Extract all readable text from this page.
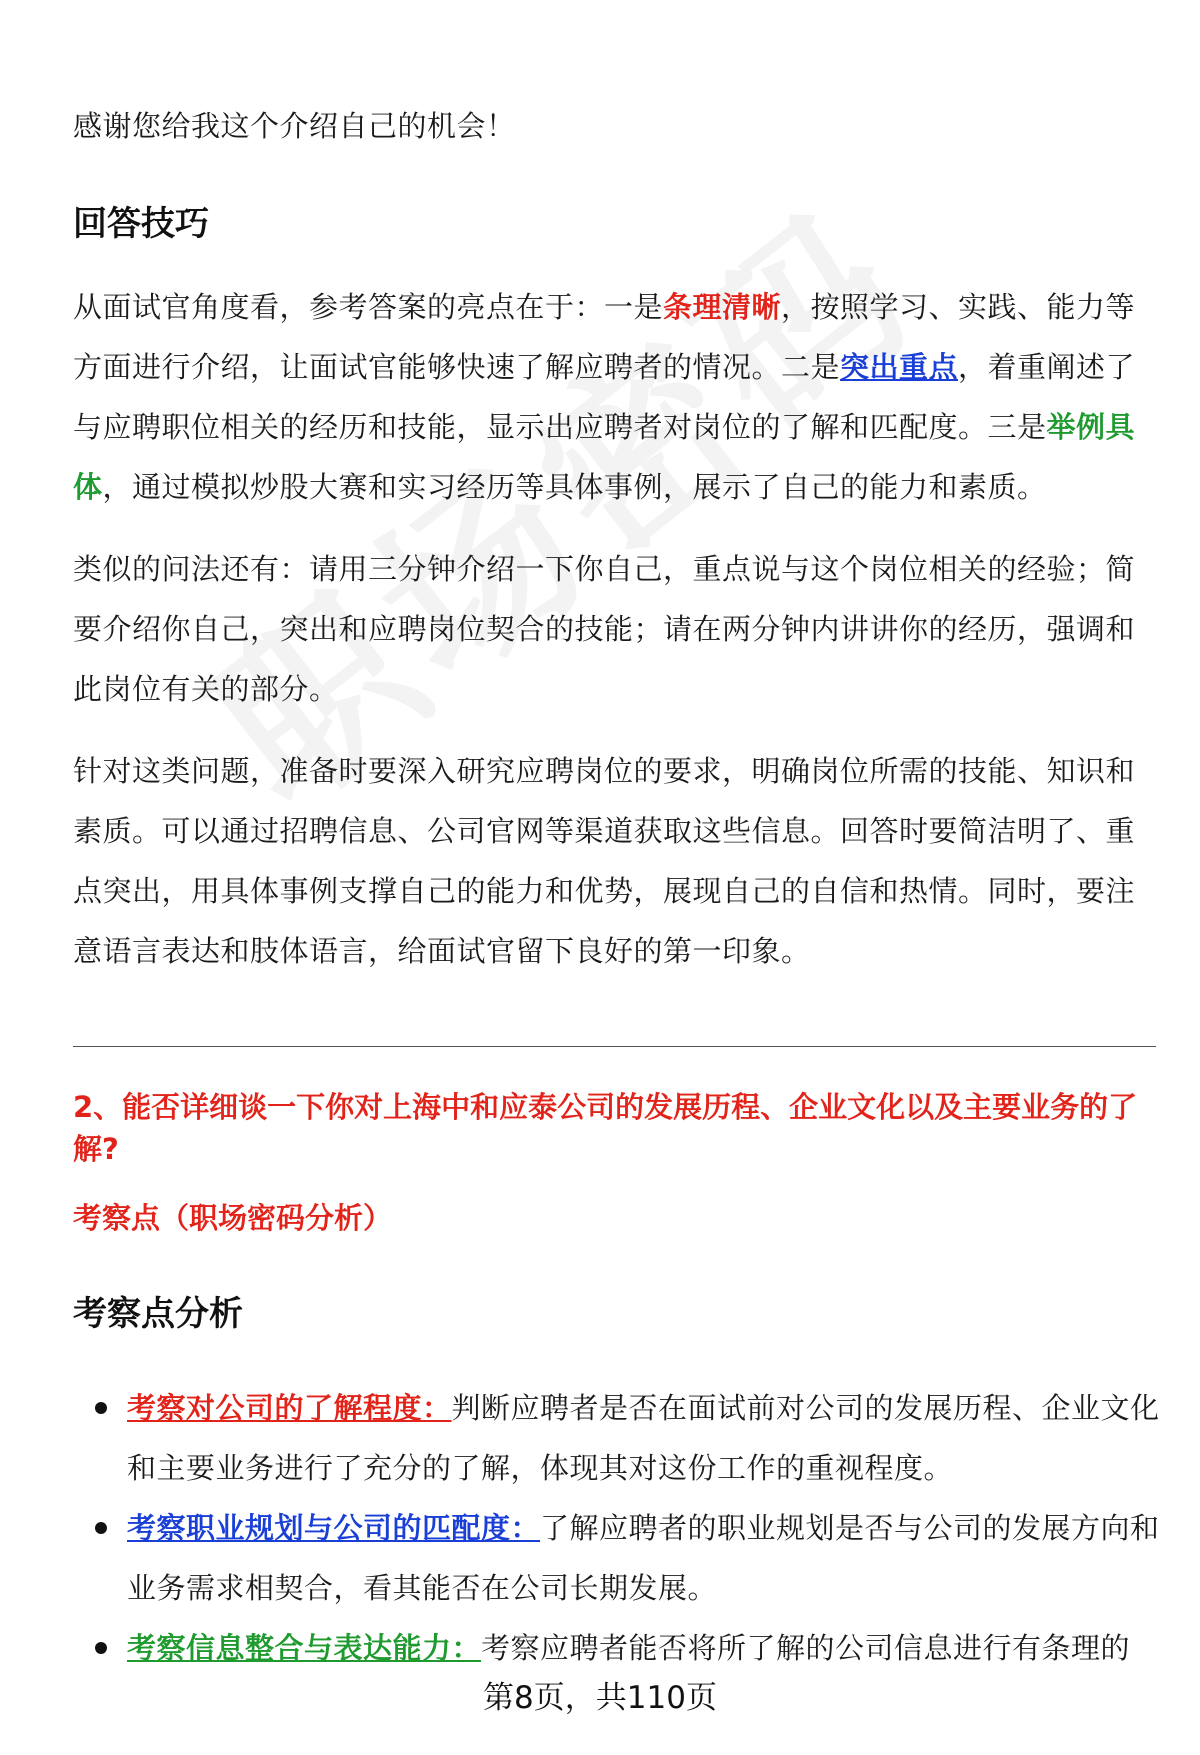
感谢您给我这个介绍自己的机会！

回答技巧

从面试官角度看，参考答案的亮点在于：一是条理清晰，按照学习、实践、能力等方面进行介绍，让面试官能够快速了解应聘者的情况。二是突出重点，着重阐述了与应聘职位相关的经历和技能，显示出应聘者对岗位的了解和匹配度。三是举例具体，通过模拟炒股大赛和实习经历等具体事例，展示了自己的能力和素质。

类似的问法还有：请用三分钟介绍一下你自己，重点说与这个岗位相关的经验；简要介绍你自己，突出和应聘岗位契合的技能；请在两分钟内讲讲你的经历，强调和此岗位有关的部分。

针对这类问题，准备时要深入研究应聘岗位的要求，明确岗位所需的技能、知识和素质。可以通过招聘信息、公司官网等渠道获取这些信息。回答时要简洁明了、重点突出，用具体事例支撑自己的能力和优势，展现自己的自信和热情。同时，要注意语言表达和肢体语言，给面试官留下良好的第一印象。

2、能否详细谈一下你对上海中和应泰公司的发展历程、企业文化以及主要业务的了解?
考察点（职场密码分析）
考察点分析
考察对公司的了解程度：判断应聘者是否在面试前对公司的发展历程、企业文化和主要业务进行了充分的了解，体现其对这份工作的重视程度。
考察职业规划与公司的匹配度：了解应聘者的职业规划是否与公司的发展方向和业务需求相契合，看其能否在公司长期发展。
考察信息整合与表达能力：考察应聘者能否将所了解的公司信息进行有条理的
第8页，共110页
